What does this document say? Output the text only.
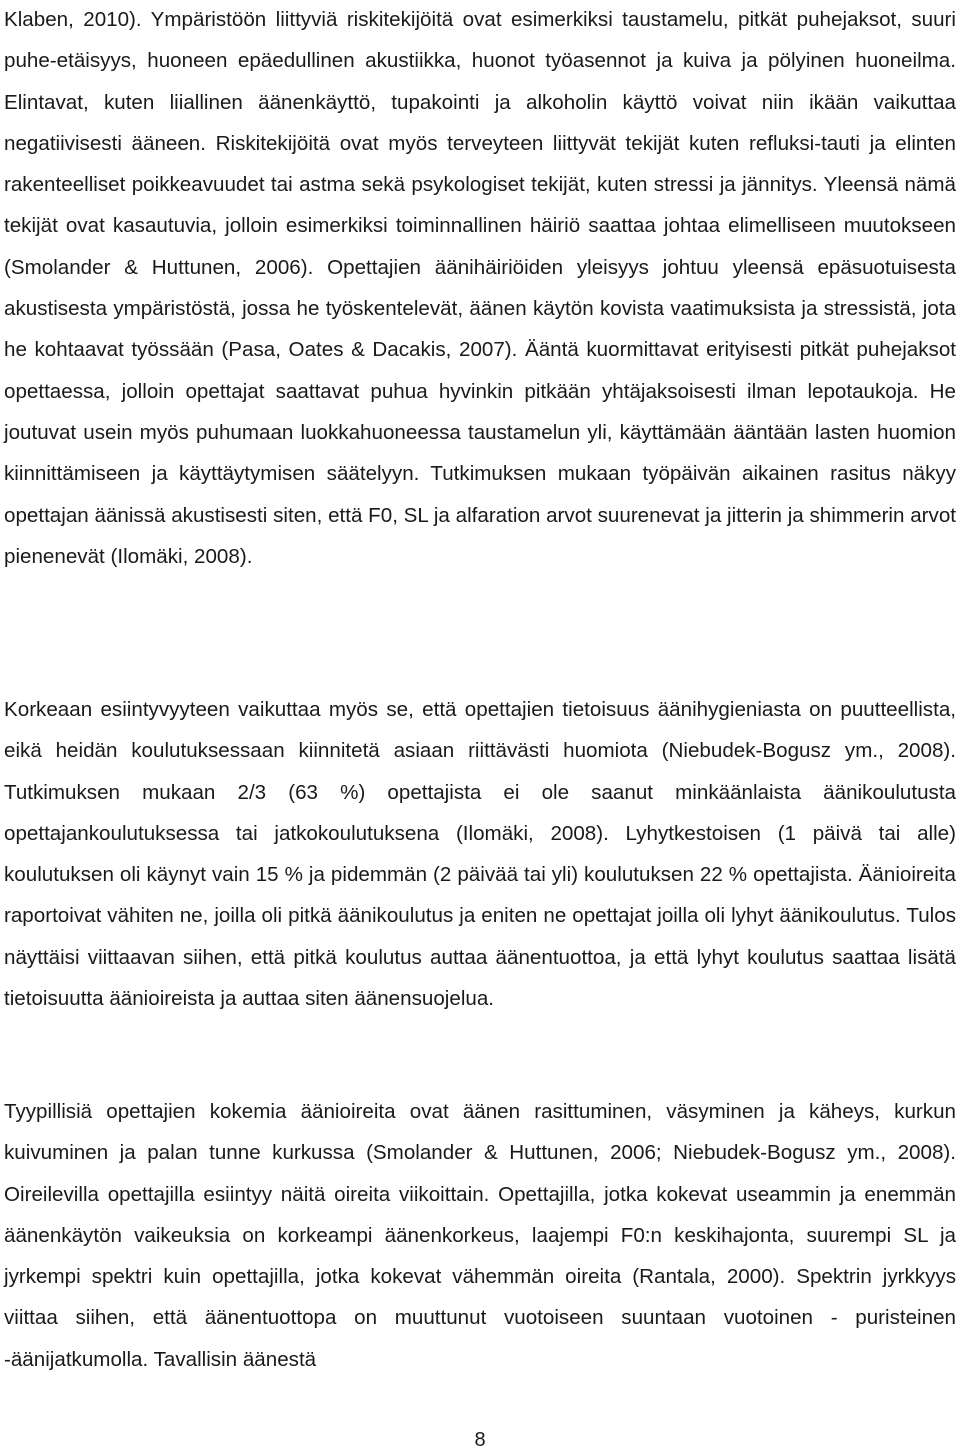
Klaben, 2010). Ympäristöön liittyviä riskitekijöitä ovat esimerkiksi taustamelu, pitkät puhejaksot, suuri puhe-etäisyys, huoneen epäedullinen akustiikka, huonot työasennot ja kuiva ja pölyinen huoneilma. Elintavat, kuten liiallinen äänenkäyttö, tupakointi ja alkoholin käyttö voivat niin ikään vaikuttaa negatiivisesti ääneen. Riskitekijöitä ovat myös terveyteen liittyvät tekijät kuten refluksi-tauti ja elinten rakenteelliset poikkeavuudet tai astma sekä psykologiset tekijät, kuten stressi ja jännitys. Yleensä nämä tekijät ovat kasautuvia, jolloin esimerkiksi toiminnallinen häiriö saattaa johtaa elimelliseen muutokseen (Smolander & Huttunen, 2006). Opettajien äänihäiriöiden yleisyys johtuu yleensä epäsuotuisesta akustisesta ympäristöstä, jossa he työskentelevät, äänen käytön kovista vaatimuksista ja stressistä, jota he kohtaavat työssään (Pasa, Oates & Dacakis, 2007). Ääntä kuormittavat erityisesti pitkät puhejaksot opettaessa, jolloin opettajat saattavat puhua hyvinkin pitkään yhtäjaksoisesti ilman lepotaukoja. He joutuvat usein myös puhumaan luokkahuoneessa taustamelun yli, käyttämään ääntään lasten huomion kiinnittämiseen ja käyttäytymisen säätelyyn. Tutkimuksen mukaan työpäivän aikainen rasitus näkyy opettajan äänissä akustisesti siten, että F0, SL ja alfaration arvot suurenevat ja jitterin ja shimmerin arvot pienenevät (Ilomäki, 2008).

Korkeaan esiintyvyyteen vaikuttaa myös se, että opettajien tietoisuus äänihygieniasta on puutteellista, eikä heidän koulutuksessaan kiinnitetä asiaan riittävästi huomiota (Niebudek-Bogusz ym., 2008). Tutkimuksen mukaan 2/3 (63 %) opettajista ei ole saanut minkäänlaista äänikoulutusta opettajankoulutuksessa tai jatkokoulutuksena (Ilomäki, 2008). Lyhytkestoisen (1 päivä tai alle) koulutuksen oli käynyt vain 15 % ja pidemmän (2 päivää tai yli) koulutuksen 22 % opettajista. Äänioireita raportoivat vähiten ne, joilla oli pitkä äänikoulutus ja eniten ne opettajat joilla oli lyhyt äänikoulutus. Tulos näyttäisi viittaavan siihen, että pitkä koulutus auttaa äänentuottoa, ja että lyhyt koulutus saattaa lisätä tietoisuutta äänioireista ja auttaa siten äänensuojelua.

Tyypillisiä opettajien kokemia äänioireita ovat äänen rasittuminen, väsyminen ja käheys, kurkun kuivuminen ja palan tunne kurkussa (Smolander & Huttunen, 2006; Niebudek-Bogusz ym., 2008). Oireilevilla opettajilla esiintyy näitä oireita viikoittain. Opettajilla, jotka kokevat useammin ja enemmän äänenkäytön vaikeuksia on korkeampi äänenkorkeus, laajempi F0:n keskihajonta, suurempi SL ja jyrkempi spektri kuin opettajilla, jotka kokevat vähemmän oireita (Rantala, 2000). Spektrin jyrkkyys viittaa siihen, että äänentuottopa on muuttunut vuotoiseen suuntaan vuotoinen - puristeinen -äänijatkumolla. Tavallisin äänestä

8
